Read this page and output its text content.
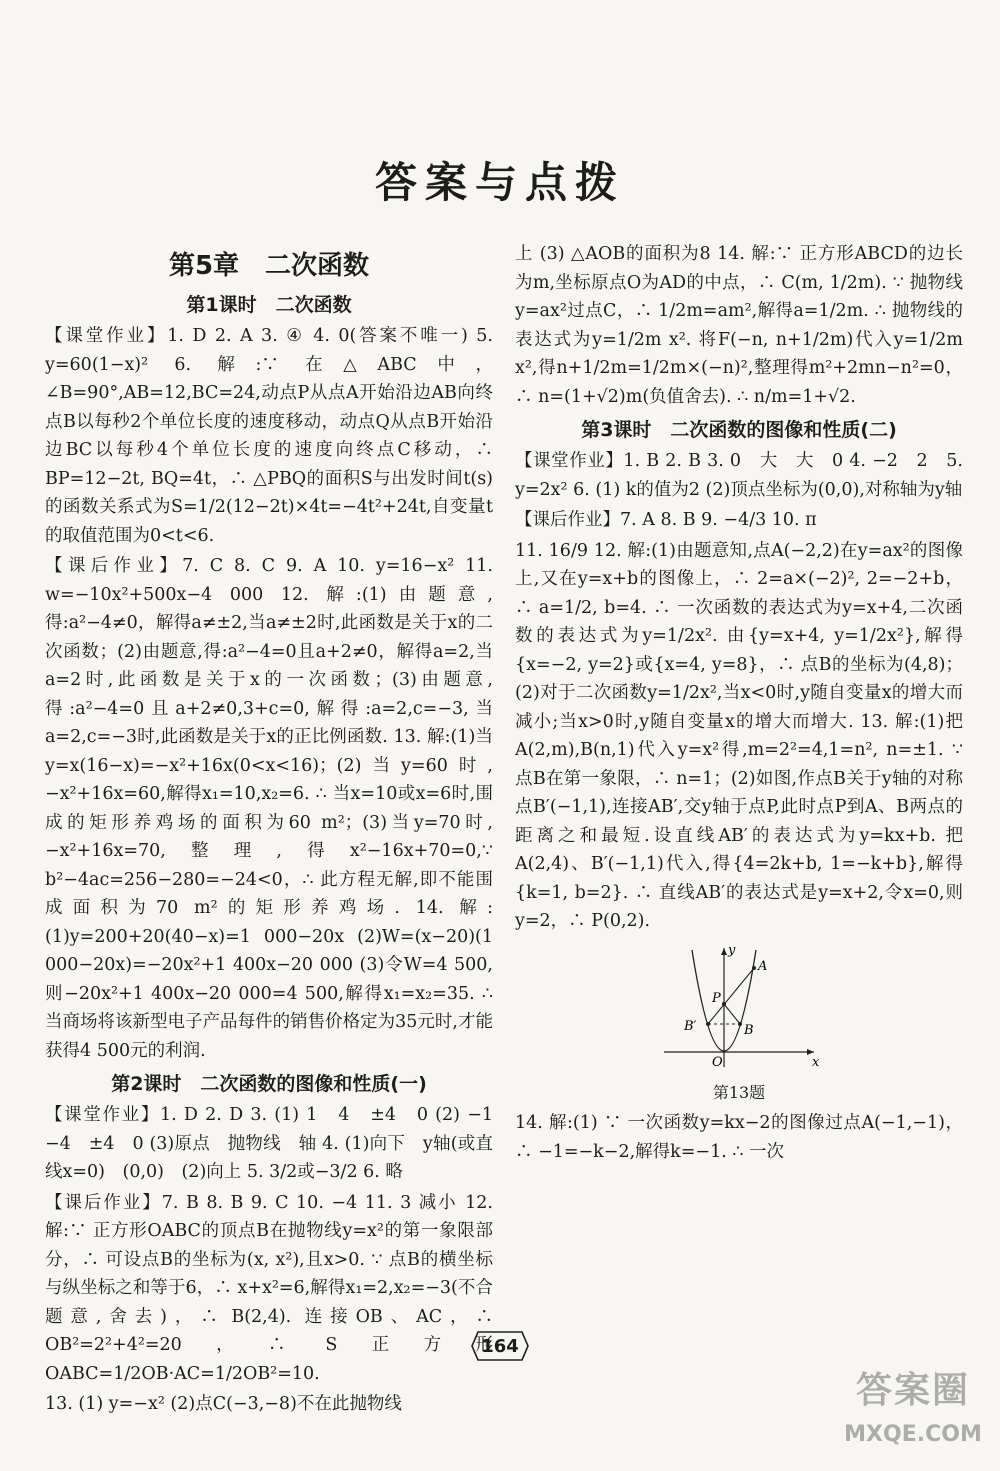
答案与点拨
第5章　二次函数
第1课时　二次函数

【课堂作业】1. D 2. A 3. ④ 4. 0(答案不唯一) 5. y=60(1−x)² 6. 解:∵ 在△ABC中，∠B=90°,AB=12,BC=24,动点P从点A开始沿边AB向终点B以每秒2个单位长度的速度移动，动点Q从点B开始沿边BC以每秒4个单位长度的速度向终点C移动，∴ BP=12−2t, BQ=4t，∴ △PBQ的面积S与出发时间t(s)的函数关系式为S=1/2(12−2t)×4t=−4t²+24t,自变量t的取值范围为0<t<6.

【课后作业】7. C 8. C 9. A 10. y=16−x² 11. w=−10x²+500x−4 000 12. 解:(1)由题意,得:a²−4≠0，解得a≠±2,当a≠±2时,此函数是关于x的二次函数；(2)由题意,得:a²−4=0且a+2≠0，解得a=2,当a=2时,此函数是关于x的一次函数；(3)由题意,得:a²−4=0且a+2≠0,3+c=0,解得:a=2,c=−3,当a=2,c=−3时,此函数是关于x的正比例函数. 13. 解:(1)当y=x(16−x)=−x²+16x(0<x<16)；(2)当y=60时,−x²+16x=60,解得x₁=10,x₂=6. ∴ 当x=10或x=6时,围成的矩形养鸡场的面积为60 m²；(3)当y=70时,−x²+16x=70,整理,得x²−16x+70=0,∵ b²−4ac=256−280=−24<0，∴ 此方程无解,即不能围成面积为70 m²的矩形养鸡场. 14. 解:(1)y=200+20(40−x)=1 000−20x (2)W=(x−20)(1 000−20x)=−20x²+1 400x−20 000 (3)令W=4 500,则−20x²+1 400x−20 000=4 500,解得x₁=x₂=35. ∴ 当商场将该新型电子产品每件的销售价格定为35元时,才能获得4 500元的利润.

第2课时　二次函数的图像和性质(一)

【课堂作业】1. D 2. D 3. (1) 1　4　±4　0 (2) −1　−4　±4　0 (3)原点　抛物线　轴 4. (1)向下　y轴(或直线x=0)　(0,0)　(2)向上 5. 3/2或−3/2 6. 略

【课后作业】7. B 8. B 9. C 10. −4 11. 3 减小 12. 解:∵ 正方形OABC的顶点B在抛物线y=x²的第一象限部分，∴ 可设点B的坐标为(x, x²),且x>0. ∵ 点B的横坐标与纵坐标之和等于6，∴ x+x²=6,解得x₁=2,x₂=−3(不合题意,舍去)，∴ B(2,4). 连接OB、AC，∴ OB²=2²+4²=20，∴ S正方形OABC=1/2OB·AC=1/2OB²=10.

13. (1) y=−x² (2)点C(−3,−8)不在此抛物线

上 (3) △AOB的面积为8 14. 解:∵ 正方形ABCD的边长为m,坐标原点O为AD的中点，∴ C(m, 1/2m). ∵ 抛物线y=ax²过点C，∴ 1/2m=am²,解得a=1/2m. ∴ 抛物线的表达式为y=1/2m x². 将F(−n, n+1/2m)代入y=1/2m x²,得n+1/2m=1/2m×(−n)²,整理得m²+2mn−n²=0，∴ n=(1+√2)m(负值舍去). ∴ n/m=1+√2.

第3课时　二次函数的图像和性质(二)

【课堂作业】1. B 2. B 3. 0　大　大　0 4. −2　2　5. y=2x² 6. (1) k的值为2 (2)顶点坐标为(0,0),对称轴为y轴

【课后作业】7. A 8. B 9. −4/3 10. π

11. 16/9 12. 解:(1)由题意知,点A(−2,2)在y=ax²的图像上,又在y=x+b的图像上，∴ 2=a×(−2)², 2=−2+b，∴ a=1/2, b=4. ∴ 一次函数的表达式为y=x+4,二次函数的表达式为y=1/2x². 由{y=x+4, y=1/2x²},解得{x=−2, y=2}或{x=4, y=8}，∴ 点B的坐标为(4,8)；(2)对于二次函数y=1/2x²,当x<0时,y随自变量x的增大而减小;当x>0时,y随自变量x的增大而增大. 13. 解:(1)把A(2,m),B(n,1)代入y=x²得,m=2²=4,1=n², n=±1. ∵ 点B在第一象限，∴ n=1；(2)如图,作点B关于y轴的对称点B′(−1,1),连接AB′,交y轴于点P,此时点P到A、B两点的距离之和最短.设直线AB′的表达式为y=kx+b. 把A(2,4)、B′(−1,1)代入,得{4=2k+b, 1=−k+b},解得{k=1, b=2}. ∴ 直线AB′的表达式是y=x+2,令x=0,则y=2，∴ P(0,2).

y
x
O
A
P
B
B′
第13题

14. 解:(1) ∵ 一次函数y=kx−2的图像过点A(−1,−1)，∴ −1=−k−2,解得k=−1. ∴ 一次

164
答案圈
MXQE.COM
